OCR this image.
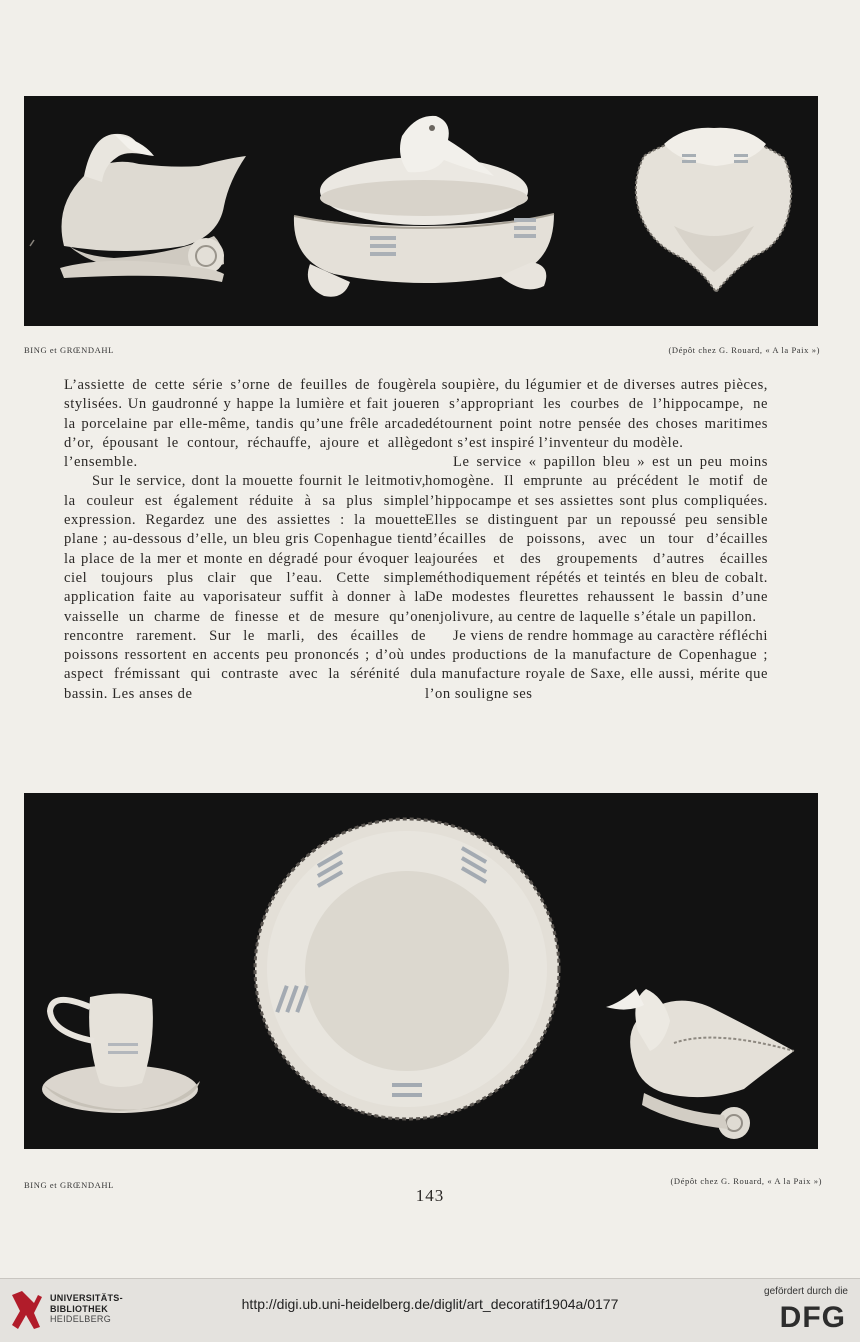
BING et GRŒNDAHL	(Dépôt chez G. Rouard, « A la Paix »)

L’assiette de cette série s’orne de feuilles de fougère stylisées. Un gaudronné y happe la lumière et fait jouer la porcelaine par elle-même, tandis qu’une frêle arcade d’or, épousant le contour, réchauffe, ajoure et allège l’ensemble.

Sur le service, dont la mouette fournit le leitmotiv, la couleur est également réduite à sa plus simple expression. Regardez une des assiettes : la mouette plane ; au-dessous d’elle, un bleu gris Copenhague tient la place de la mer et monte en dégradé pour évoquer le ciel toujours plus clair que l’eau. Cette simple application faite au vaporisateur suffit à donner à la vaisselle un charme de finesse et de mesure qu’on rencontre rarement. Sur le marli, des écailles de poissons ressortent en accents peu prononcés ; d’où un aspect frémissant qui contraste avec la sérénité du bassin. Les anses de

la soupière, du légumier et de diverses autres pièces, en s’appropriant les courbes de l’hippocampe, ne détournent point notre pensée des choses maritimes dont s’est inspiré l’inventeur du modèle.

Le service « papillon bleu » est un peu moins homogène. Il emprunte au précédent le motif de l’hippocampe et ses assiettes sont plus compliquées. Elles se distinguent par un repoussé peu sensible d’écailles de poissons, avec un tour d’écailles ajourées et des groupements d’autres écailles méthodiquement répétés et teintés en bleu de cobalt. De modestes fleurettes rehaussent le bassin d’une enjolivure, au centre de laquelle s’étale un papillon.

Je viens de rendre hommage au caractère réfléchi des productions de la manufacture de Copenhague ; la manufacture royale de Saxe, elle aussi, mérite que l’on souligne ses

BING et GRŒNDAHL	(Dépôt chez G. Rouard, « A la Paix »)
143
UNIVERSITÄTS-
BIBLIOTHEK
HEIDELBERG
http://digi.ub.uni-heidelberg.de/diglit/art_decoratif1904a/0177
gefördert durch die
DFG
